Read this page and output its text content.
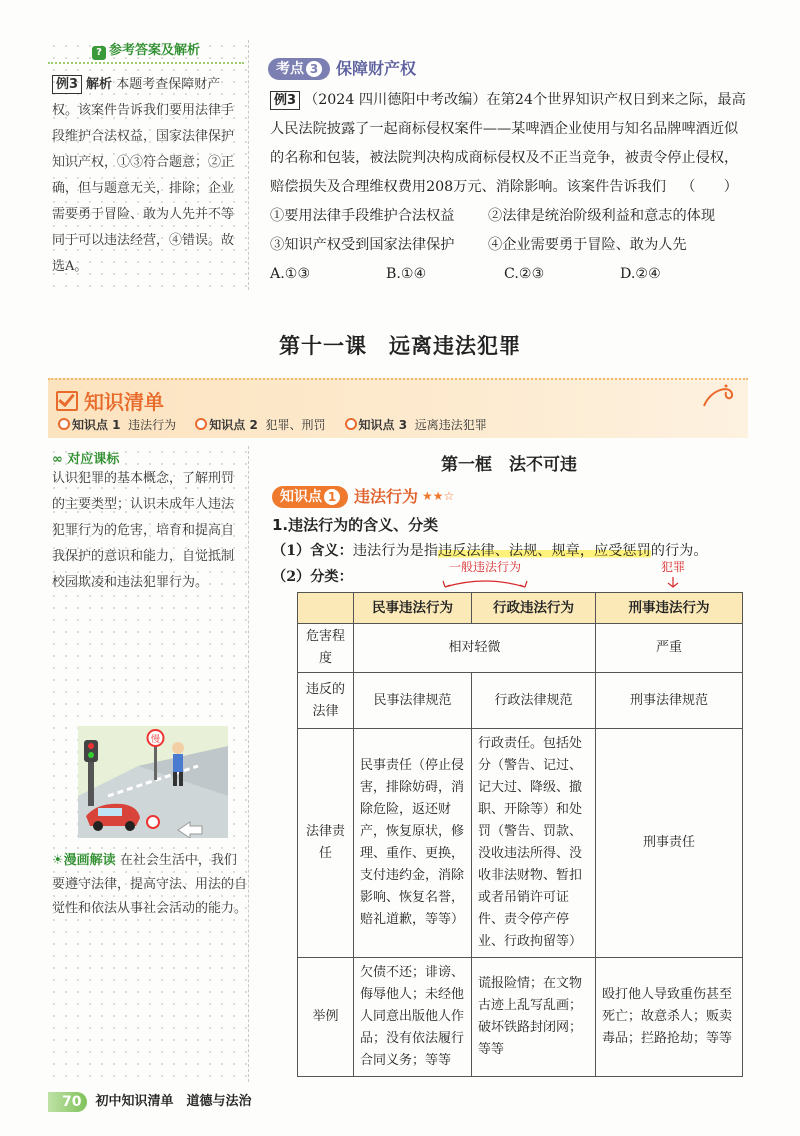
? 参考答案及解析
例3 解析 本题考查保障财产权。该案件告诉我们要用法律手段维护合法权益，国家法律保护知识产权，①③符合题意；②正确，但与题意无关，排除；企业需要勇于冒险、敢为人先并不等同于可以违法经营，④错误。故选A。
考点 3 保障财产权
例3 （2024 四川德阳中考改编）在第24个世界知识产权日到来之际，最高人民法院披露了一起商标侵权案件——某啤酒企业使用与知名品牌啤酒近似的名称和包装，被法院判决构成商标侵权及不正当竞争，被责令停止侵权，赔偿损失及合理维权费用208万元、消除影响。该案件告诉我们 （　　）
①要用法律手段维护合法权益	②法律是统治阶级利益和意志的体现
③知识产权受到国家法律保护	④企业需要勇于冒险、敢为人先
A.①③	B.①④	C.②③	D.②④
第十一课　远离违法犯罪
知识清单
知识点 1 违法行为	知识点 2 犯罪、刑罚	知识点 3 远离违法犯罪
∞ 对应课标
认识犯罪的基本概念，了解刑罚的主要类型；认识未成年人违法犯罪行为的危害，培育和提高自我保护的意识和能力，自觉抵制校园欺凌和违法犯罪行为。
慢
☀漫画解读 在社会生活中，我们要遵守法律，提高守法、用法的自觉性和依法从事社会活动的能力。
第一框　法不可违
知识点 1 违法行为 ★★☆
1.违法行为的含义、分类
（1）含义：违法行为是指违反法律、法规、规章，应受惩罚的行为。
（2）分类：
一般违法行为	犯罪
	民事违法行为	行政违法行为	刑事违法行为
危害程度	相对轻微		严重
违反的法律	民事法律规范	行政法律规范	刑事法律规范
法律责任	民事责任（停止侵害，排除妨碍，消除危险，返还财产，恢复原状，修理、重作、更换，支付违约金，消除影响、恢复名誉，赔礼道歉，等等）	行政责任。包括处分（警告、记过、记大过、降级、撤职、开除等）和处罚（警告、罚款、没收违法所得、没收非法财物、暂扣或者吊销许可证件、责令停产停业、行政拘留等）	刑事责任
举例	欠债不还；诽谤、侮辱他人；未经他人同意出版他人作品；没有依法履行合同义务；等等	谎报险情；在文物古迹上乱写乱画；破坏铁路封闭网；等等	殴打他人导致重伤甚至死亡；故意杀人；贩卖毒品；拦路抢劫；等等
70 初中知识清单　道德与法治
